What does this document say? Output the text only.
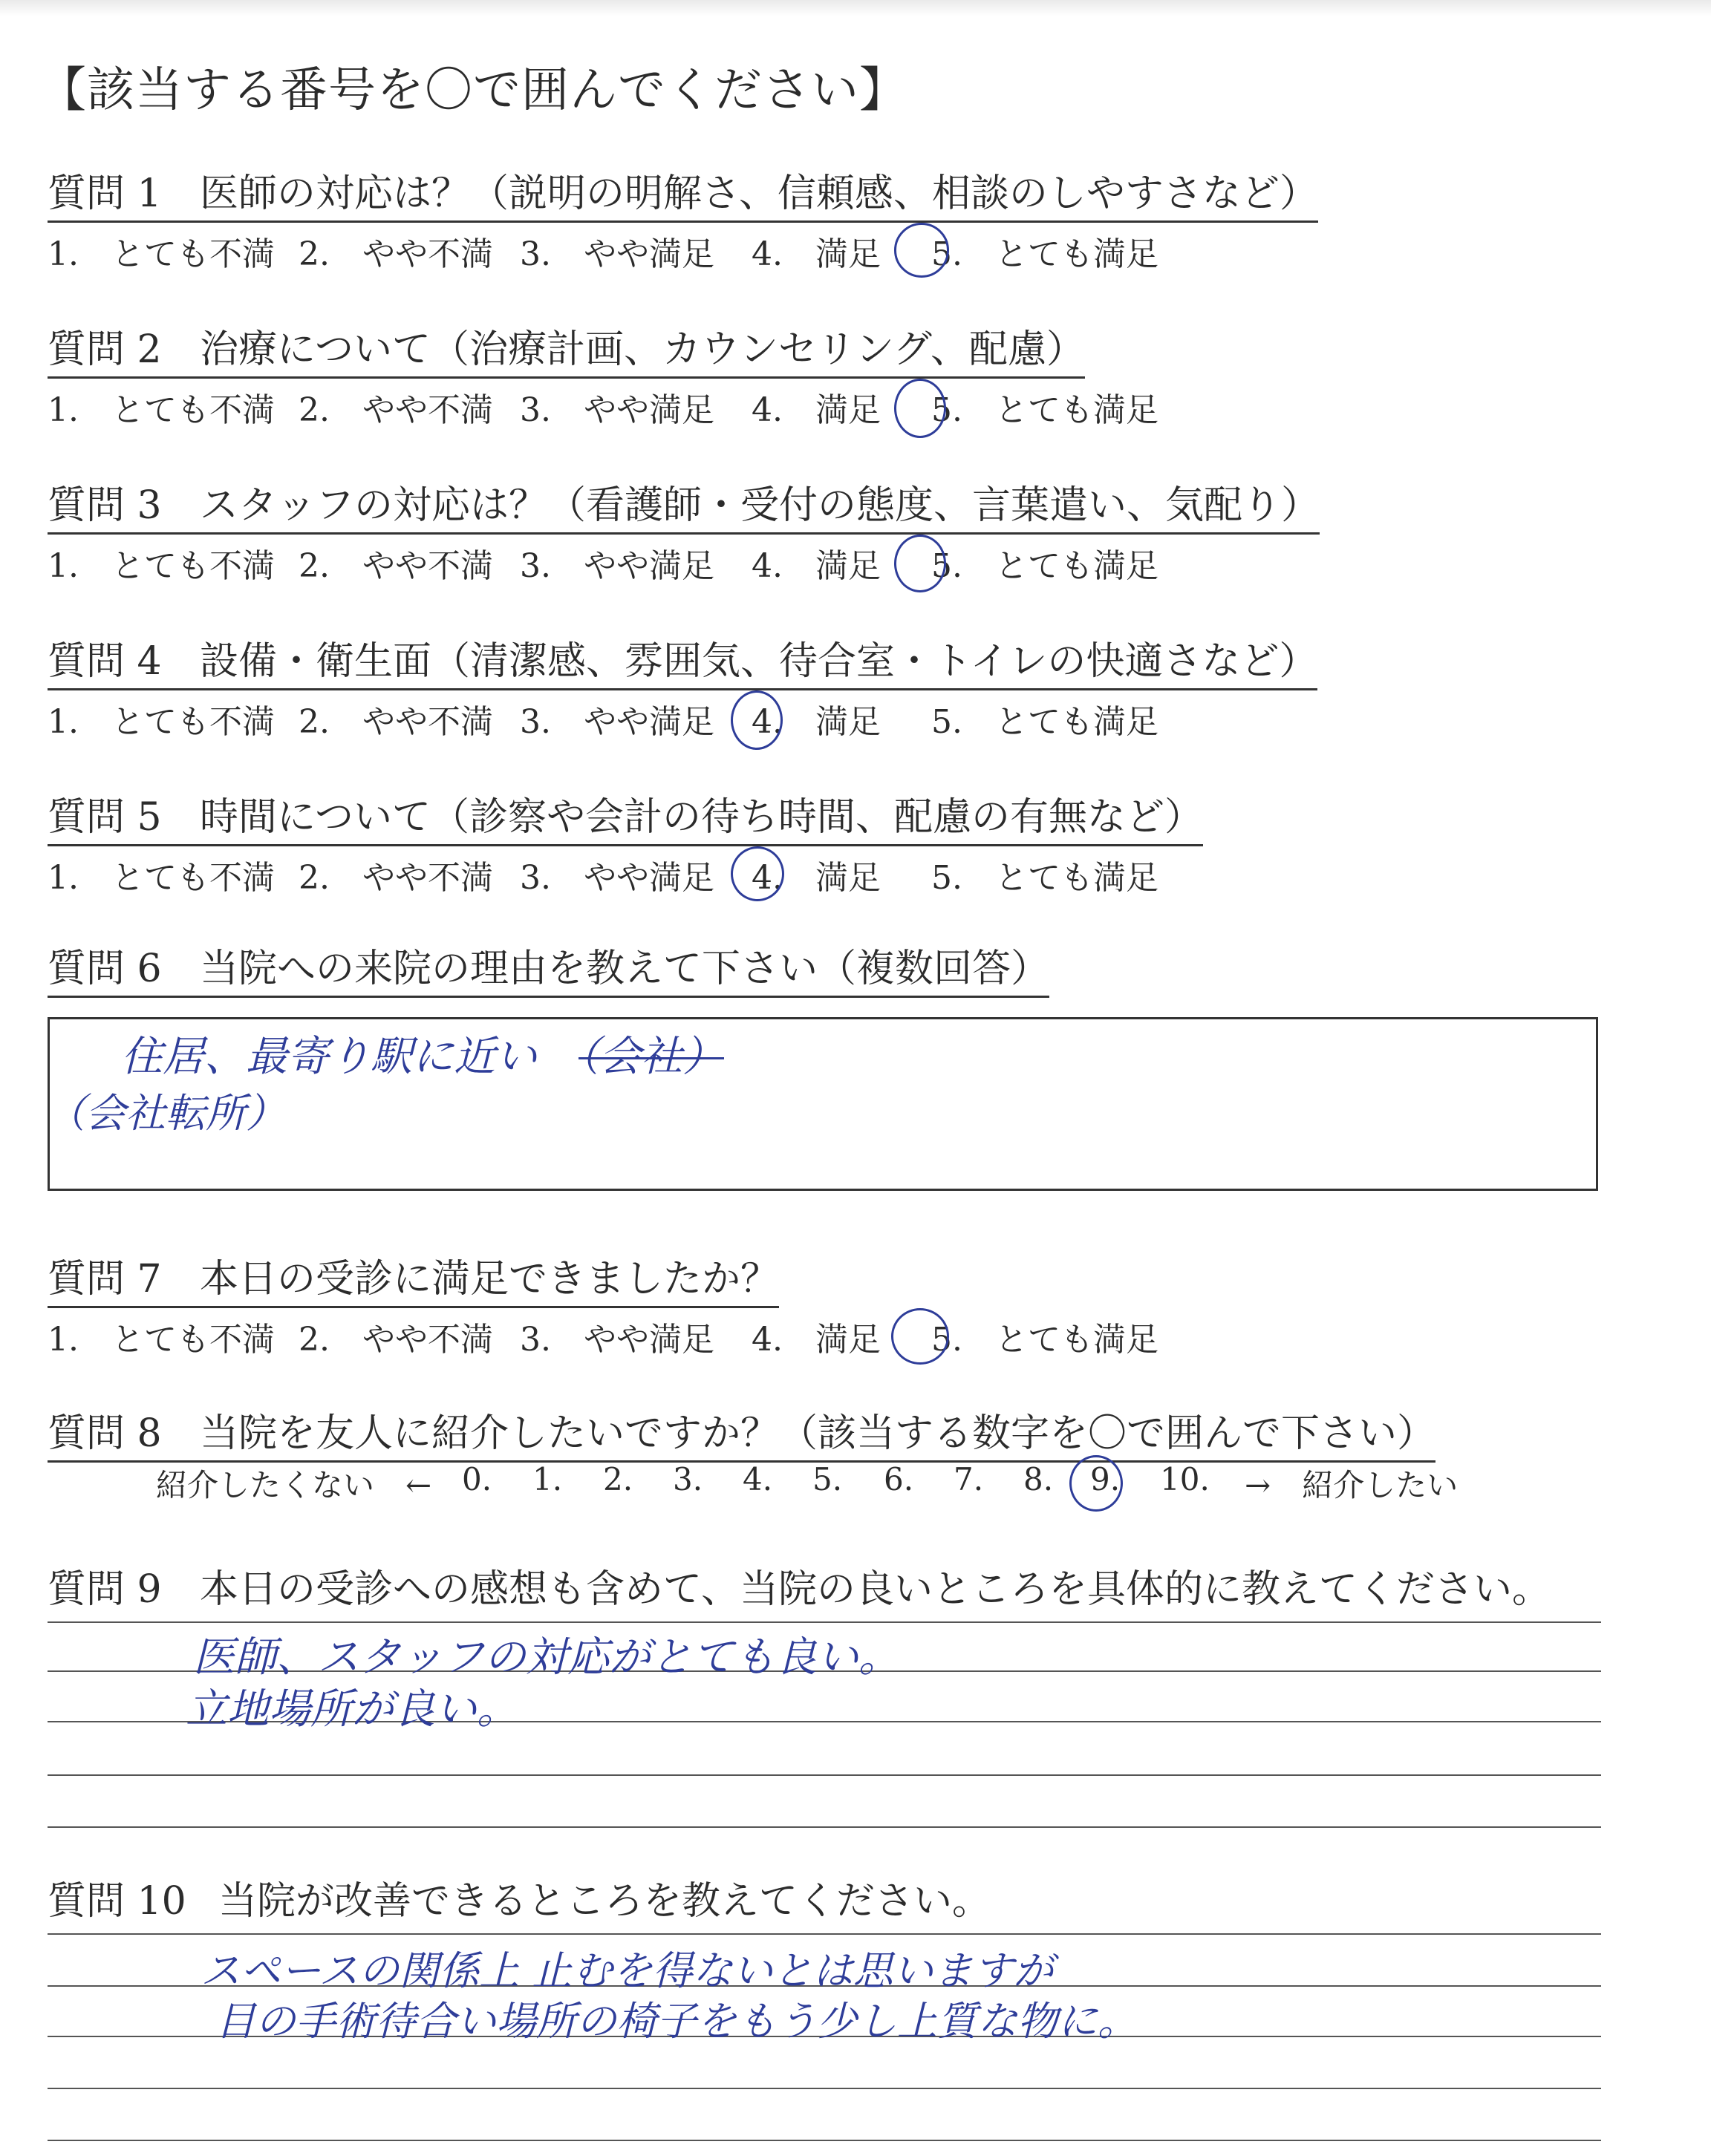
【該当する番号を〇で囲んでください】
質問 1 医師の対応は？（説明の明解さ、信頼感、相談のしやすさなど）
1.　とても不満 2.　やや不満 3.　やや満足 4.　満足 5.　とても満足
質問 2 治療について（治療計画、カウンセリング、配慮）
1.　とても不満 2.　やや不満 3.　やや満足 4.　満足 5.　とても満足
質問 3 スタッフの対応は？（看護師・受付の態度、言葉遣い、気配り）
1.　とても不満 2.　やや不満 3.　やや満足 4.　満足 5.　とても満足
質問 4 設備・衛生面（清潔感、雰囲気、待合室・トイレの快適さなど）
1.　とても不満 2.　やや不満 3.　やや満足 4.　満足 5.　とても満足
質問 5 時間について（診察や会計の待ち時間、配慮の有無など）
1.　とても不満 2.　やや不満 3.　やや満足 4.　満足 5.　とても満足
質問 6 当院への来院の理由を教えて下さい（複数回答）
住居、最寄り駅に近い　 （会社）
（会社転所）
質問 7 本日の受診に満足できましたか？
1.　とても不満 2.　やや不満 3.　やや満足 4.　満足 5.　とても満足
質問 8 当院を友人に紹介したいですか？（該当する数字を〇で囲んで下さい）
紹介したくない　← 0. 1. 2. 3. 4. 5. 6. 7. 8. 9. 10. →　紹介したい
質問 9 本日の受診への感想も含めて、当院の良いところを具体的に教えてください。
医師、スタッフの対応がとても良い。
立地場所が良い。
質問 10 当院が改善できるところを教えてください。
スペースの関係上 止むを得ないとは思いますが
目の手術待合い場所の椅子をもう少し上質な物に。
